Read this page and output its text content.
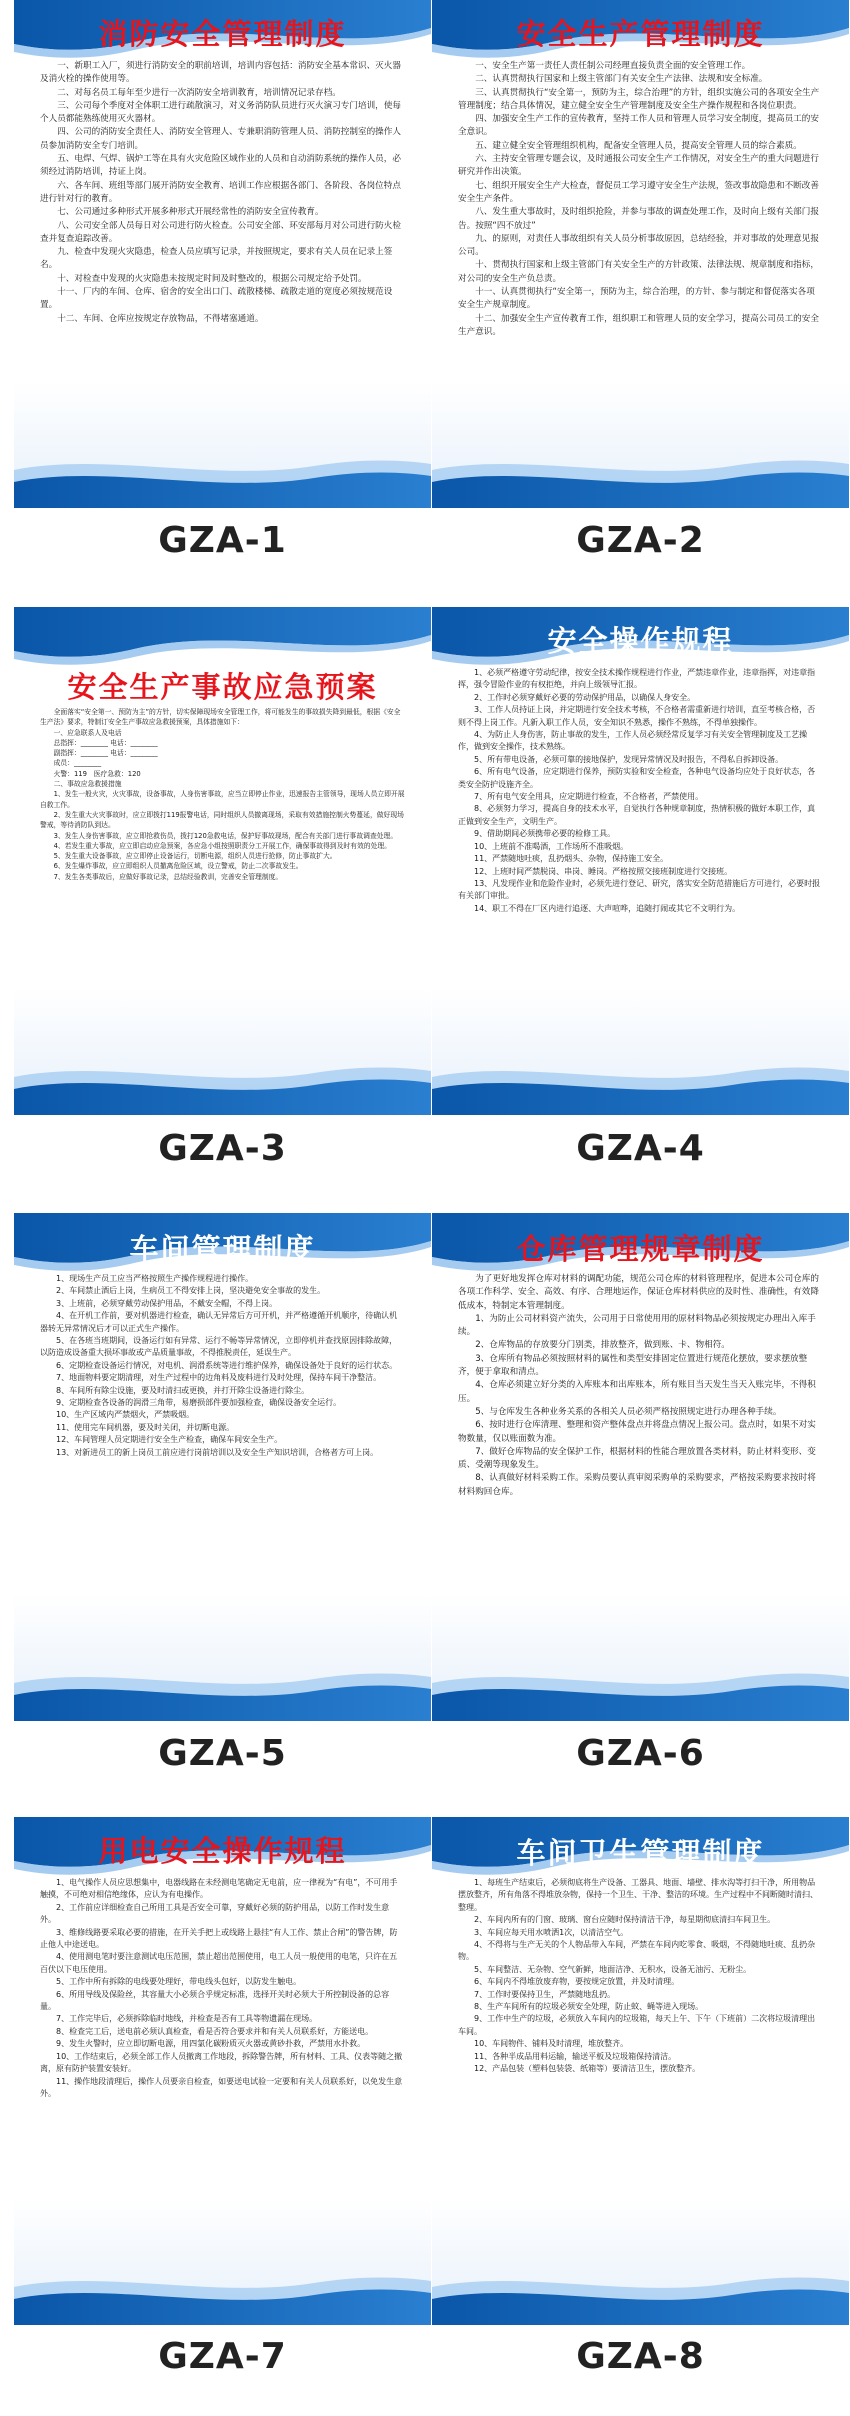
消防安全管理制度

一、新职工入厂，须进行消防安全的职前培训，培训内容包括：消防安全基本常识、灭火器及消火栓的操作使用等。

二、对每名员工每年至少进行一次消防安全培训教育，培训情况记录存档。

三、公司每个季度对全体职工进行疏散演习，对义务消防队员进行灭火演习专门培训，使每个人员都能熟练使用灭火器材。

四、公司的消防安全责任人、消防安全管理人、专兼职消防管理人员、消防控制室的操作人员参加消防安全专门培训。

五、电焊、气焊、锅炉工等在具有火灾危险区域作业的人员和自动消防系统的操作人员，必须经过消防培训，持证上岗。

六、各车间、班组等部门展开消防安全教育、培训工作应根据各部门、各阶段、各岗位特点进行针对行的教育。

七、公司通过多种形式开展多种形式开展经常性的消防安全宣传教育。

八、公司安全部人员每日对公司进行防火检查。公司安全部、环安部每月对公司进行防火检查并复查追踪改善。

九、检查中发现火灾隐患，检查人员应填写记录，并按照规定，要求有关人员在记录上签名。

十、对检查中发现的火灾隐患未按规定时间及时整改的，根据公司规定给予处罚。

十一、厂内的车间、仓库、宿舍的安全出口门、疏散楼梯、疏散走道的宽度必须按规范设置。

十二、车间、仓库应按规定存放物品，不得堵塞通道。

GZA-1
安全生产管理制度

一、安全生产第一责任人责任制公司经理直接负责全面的安全管理工作。

二、认真贯彻执行国家和上级主管部门有关安全生产法律、法规和安全标准。

三、认真贯彻执行“安全第一，预防为主，综合治理”的方针，组织实施公司的各项安全生产管理制度；结合具体情况，建立健全安全生产管理制度及安全生产操作规程和各岗位职责。

四、加强安全生产工作的宣传教育，坚持工作人员和管理人员学习安全制度，提高员工的安全意识。

五、建立健全安全管理组织机构，配备安全管理人员，提高安全管理人员的综合素质。

六、主持安全管理专题会议，及时通报公司安全生产工作情况，对安全生产的重大问题进行研究并作出决策。

七、组织开展安全生产大检查，督促员工学习遵守安全生产法规，签改事故隐患和不断改善安全生产条件。

八、发生重大事故时，及时组织抢险，并参与事故的调查处理工作，及时向上级有关部门报告。按照“四不放过”

九、的原则，对责任人事故组织有关人员分析事故原因，总结经验，并对事故的处理意见报公司。

十、贯彻执行国家和上级主管部门有关安全生产的方针政策、法律法规、规章制度和指标，对公司的安全生产负总责。

十一、认真贯彻执行“安全第一，预防为主，综合治理，的方针、参与制定和督促落实各项安全生产规章制度。

十二、加强安全生产宣传教育工作，组织职工和管理人员的安全学习，提高公司员工的安全生产意识。

GZA-2
安全生产事故应急预案

全面落实“安全第一、预防为主”的方针，切实保障现场安全管理工作，将可能发生的事故损失降到最低，根据《安全生产法》要求，特制订安全生产事故应急救援预案，具体措施如下：

一、应急联系人及电话

总指挥：________ 电话：________

副指挥：________ 电话：________

成员：________

火警：119　医疗急救：120

二、事故应急救援措施

1、发生一般火灾，火灾事故，设备事故，人身伤害事故，应当立即停止作业，迅速报告主管领导，现场人员立即开展自救工作。

2、发生重大火灾事故时，应立即拨打119报警电话，同时组织人员撤离现场，采取有效措施控制火势蔓延，做好现场警戒，等待消防队到达。

3、发生人身伤害事故，应立即抢救伤员，拨打120急救电话，保护好事故现场，配合有关部门进行事故调查处理。

4、若发生重大事故，应立即启动应急预案，各应急小组按照职责分工开展工作，确保事故得到及时有效的处理。

5、发生重大设备事故，应立即停止设备运行，切断电源，组织人员进行抢修，防止事故扩大。

6、发生爆炸事故，应立即组织人员撤离危险区域，设立警戒，防止二次事故发生。

7、发生各类事故后，应做好事故记录，总结经验教训，完善安全管理制度。

GZA-3
安全操作规程

1、必须严格遵守劳动纪律，按安全技术操作规程进行作业，严禁违章作业，违章指挥，对违章指挥，强令冒险作业的有权拒绝，并向上级领导汇报。

2、工作时必须穿戴好必要的劳动保护用品，以确保人身安全。

3、工作人员持证上岗，并定期进行安全技术考核，不合格者需重新进行培训，直至考核合格，否则不得上岗工作。凡新入职工作人员，安全知识不熟悉，操作不熟练，不得单独操作。

4、为防止人身伤害，防止事故的发生，工作人员必须经常反复学习有关安全管理制度及工艺操作，做到安全操作，技术熟练。

5、所有带电设备，必须可靠的接地保护，发现异常情况及时报告，不得私自拆卸设备。

6、所有电气设备，应定期进行保养，预防实验和安全检查，各种电气设备均应处于良好状态，各类安全防护设施齐全。

7、所有电气安全用具，应定期进行检查，不合格者，严禁使用。

8、必须努力学习，提高自身的技术水平，自觉执行各种规章制度，热情积极的做好本职工作，真正做到安全生产，文明生产。

9、借助期间必须携带必要的检修工具。

10、上班前不准喝酒，工作场所不准吸烟。

11、严禁随地吐痰，乱扔烟头、杂物，保持施工安全。

12、上班时间严禁脱岗、串岗、睡岗。严格按照交接班制度进行交接班。

13、凡发现作业和危险作业时，必须先进行登记、研究，落实安全防范措施后方可进行，必要时报有关部门审批。

14、职工不得在厂区内进行追逐、大声喧哗，追随打闹或其它不文明行为。

GZA-4
车间管理制度

1、现场生产员工应当严格按照生产操作规程进行操作。

2、车间禁止酒后上岗，生病员工不得安排上岗，坚决避免安全事故的发生。

3、上班前，必须穿戴劳动保护用品，不戴安全帽，不得上岗。

4、在开机工作前，要对机器进行检查，确认无异常后方可开机，并严格遵循开机顺序，待确认机器转无异常情况后才可以正式生产操作。

5、在各班当班期间，设备运行如有异常、运行不畅等异常情况，立即停机并查找原因排除故障，以防造成设备重大损坏事故或产品质量事故，不得推脱责任，延误生产。

6、定期检查设备运行情况，对电机、润滑系统等进行维护保养，确保设备处于良好的运行状态。

7、地面物料要定期清理，对生产过程中的边角料及废料进行及时处理，保持车间干净整洁。

8、车间所有除尘设施，要及时清扫或更换，并打开除尘设备进行除尘。

9、定期检查各设备的润滑三角带，易磨损部件要加强检查，确保设备安全运行。

10、生产区域内严禁烟火，严禁吸烟。

11、使用完车间机器，要及时关闭，并切断电源。

12、车间管理人员定期进行安全生产检查，确保车间安全生产。

13、对新进员工的新上岗员工前应进行岗前培训以及安全生产知识培训，合格者方可上岗。

GZA-5
仓库管理规章制度

为了更好地发挥仓库对材料的调配功能，规范公司仓库的材料管理程序，促进本公司仓库的各项工作科学、安全、高效、有序、合理地运作，保证仓库材料供应的及时性、准确性，有效降低成本，特制定本管理制度。

1、为防止公司材料资产流失，公司用于日常使用用的原材料物品必须按规定办理出入库手续。

2、仓库物品的存放要分门别类，排放整齐，做到账、卡、物相符。

3、仓库所有物品必须按照材料的属性和类型安排固定位置进行规范化摆放，要求摆放整齐，便于拿取和清点。

4、仓库必须建立好分类的入库账本和出库账本，所有账目当天发生当天入账完毕，不得积压。

5、与仓库发生各种业务关系的各相关人员必须严格按照规定进行办理各种手续。

6、按时进行仓库清理、整理和资产整体盘点并将盘点情况上报公司。盘点时，如果不对实物数量，仅以账面数为准。

7、做好仓库物品的安全保护工作，根据材料的性能合理放置各类材料，防止材料变形、变质、受潮等现象发生。

8、认真做好材料采购工作。采购员要认真审阅采购单的采购要求，严格按采购要求按时将材料购回仓库。

GZA-6
用电安全操作规程

1、电气操作人员应思想集中，电器线路在未经测电笔确定无电前，应一律视为“有电”，不可用手触摸，不可绝对相信绝缘体，应认为有电操作。

2、工作前应详细检查自己所用工具是否安全可靠，穿戴好必须的防护用品，以防工作时发生意外。

3、维修线路要采取必要的措施，在开关手把上或线路上悬挂“有人工作、禁止合闸”的警告牌，防止他人中途送电。

4、使用测电笔时要注意测试电压范围，禁止超出范围使用，电工人员一般使用的电笔，只许在五百伏以下电压使用。

5、工作中所有拆除的电线要处理好，带电线头包好，以防发生触电。

6、所用导线及保险丝，其容量大小必须合乎规定标准，选择开关时必须大于所控制设备的总容量。

7、工作完毕后，必须拆除临时地线，并检查是否有工具等物遗漏在现场。

8、检查完工后，送电前必须认真检查，看是否符合要求并和有关人员联系好，方能送电。

9、发生火警时，应立即切断电源，用四氯化碳粉质灭火器或黄砂扑救，严禁用水扑救。

10、工作结束后，必须全部工作人员撤离工作地段，拆除警告牌，所有材料、工具、仪表等随之撤离，原有防护装置安装好。

11、操作地段清理后，操作人员要亲自检查，如要送电试验一定要和有关人员联系好，以免发生意外。

GZA-7
车间卫生管理制度

1、每班生产结束后，必须彻底将生产设备、工器具、地面、墙壁、排水沟等打扫干净，所用物品摆放整齐，所有角落不得堆放杂物，保持一个卫生、干净、整洁的环境。生产过程中不间断随时清扫、整理。

2、车间内所有的门窗、玻璃、窗台应随时保持清洁干净，每星期彻底清扫车间卫生。

3、车间应每天用水喷洒1次，以清洁空气。

4、不得将与生产无关的个人物品带入车间，严禁在车间内吃零食、吸烟，不得随地吐痰、乱扔杂物。

5、车间整洁、无杂物、空气新鲜，地面洁净、无积水，设备无油污、无粉尘。

6、车间内不得堆放废弃物，要按规定放置，并及时清理。

7、工作时要保持卫生，严禁随地乱扔。

8、生产车间所有的垃圾必须安全处理，防止蚊、蝇等进入现场。

9、工作中生产的垃圾，必须放入车间内的垃圾箱，每天上午、下午（下班前）二次将垃圾清理出车间。

10、车间物件、铺料及时清理，堆放整齐。

11、各种半成品用料运输，输送平板及垃圾箱保持清洁。

12、产品包装（塑料包装袋、纸箱等）要清洁卫生，摆放整齐。

GZA-8
